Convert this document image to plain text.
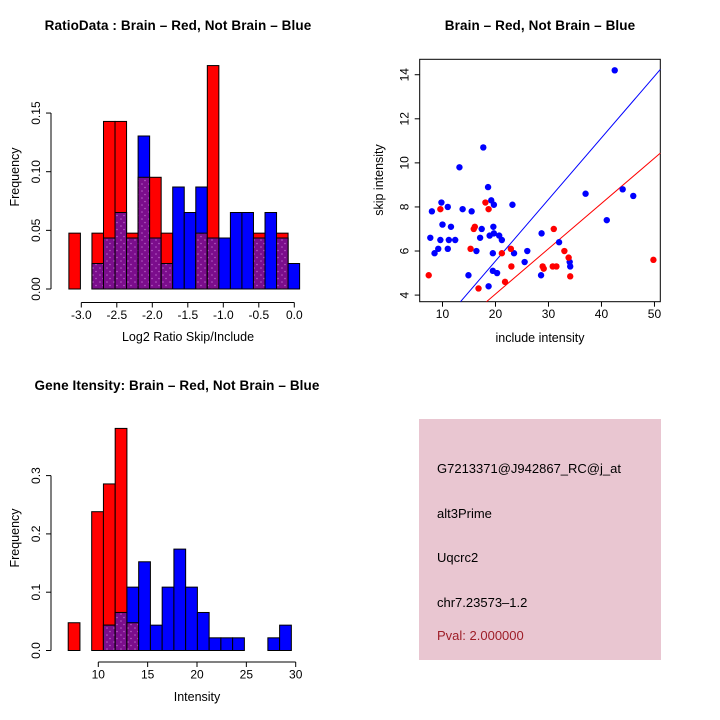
0.00
0.05
0.10
0.15
-3.0 -2.5 -2.0 -1.5 -1.0 -0.5 0.0
RatioData : Brain – Red, Not Brain – Blue
Frequency
Log2 Ratio Skip/Include
10	20	30	40	50
4
6
8
10
12
14
Brain – Red, Not Brain – Blue
skip intensity
include intensity
0.0
0.1
0.2
0.3
10	15	20	25	30
Gene Itensity: Brain – Red, Not Brain – Blue
Frequency
Intensity
G7213371@J942867_RC@j_at
alt3Prime
Uqcrc2
chr7.23573–1.2
Pval: 2.000000
